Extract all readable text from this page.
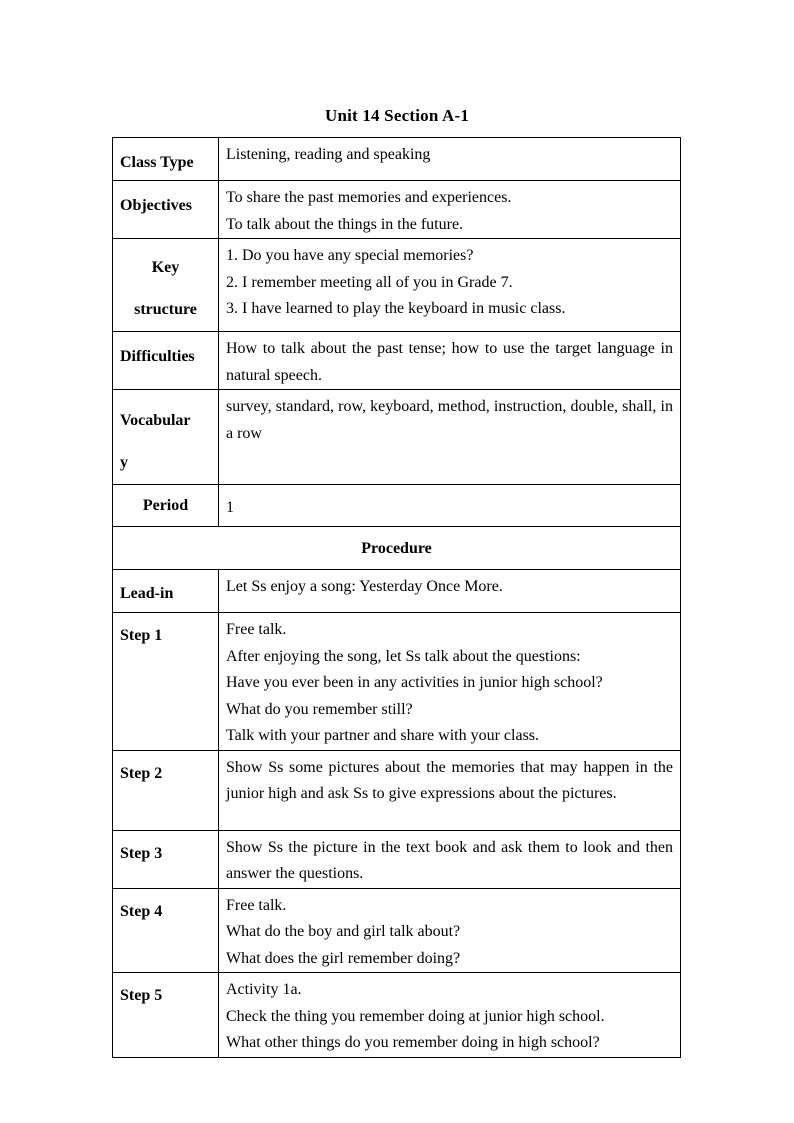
Unit 14 Section A-1
Class Type	Listening, reading and speaking

Objectives	To share the past memories and experiences.
To talk about the things in the future.

Key
structure	1. Do you have any special memories?
2. I remember meeting all of you in Grade 7.
3. I have learned to play the keyboard in music class.

Difficulties	How to talk about the past tense; how to use the target language in natural speech.

Vocabular
y	survey, standard, row, keyboard, method, instruction, double, shall, in a row

Period	1

Procedure	

Lead-in	Let Ss enjoy a song: Yesterday Once More.

Step 1	Free talk.
After enjoying the song, let Ss talk about the questions:
Have you ever been in any activities in junior high school?
What do you remember still?
Talk with your partner and share with your class.

Step 2	Show Ss some pictures about the memories that may happen in the junior high and ask Ss to give expressions about the pictures.

Step 3	Show Ss the picture in the text book and ask them to look and then answer the questions.

Step 4	Free talk.
What do the boy and girl talk about?
What does the girl remember doing?

Step 5	Activity 1a.
Check the thing you remember doing at junior high school.
What other things do you remember doing in high school?
